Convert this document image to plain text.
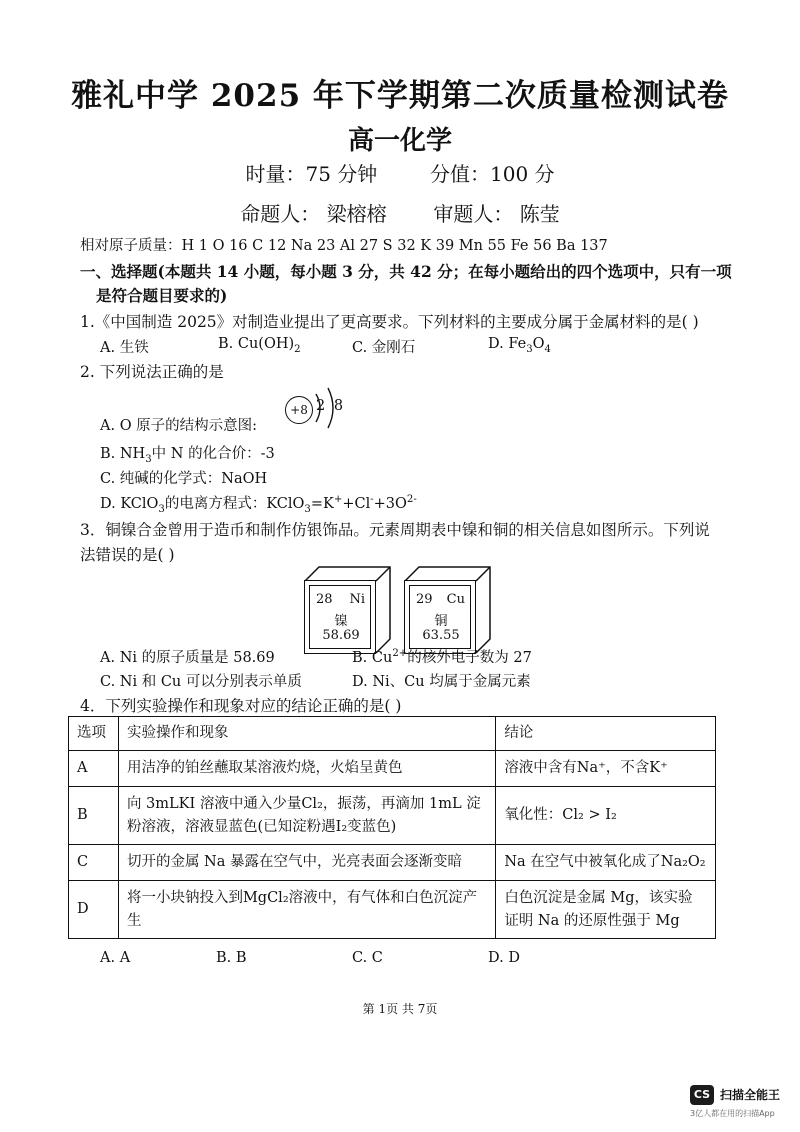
雅礼中学 2025 年下学期第二次质量检测试卷
高一化学
时量：75 分钟	分值：100 分
命题人： 梁榕榕 审题人： 陈莹
相对原子质量：H 1 O 16 C 12 Na 23 Al 27 S 32 K 39 Mn 55 Fe 56 Ba 137
一、选择题(本题共 14 小题，每小题 3 分，共 42 分；在每小题给出的四个选项中，只有一项
是符合题目要求的)
1.《中国制造 2025》对制造业提出了更高要求。下列材料的主要成分属于金属材料的是( )
A. 生铁	B. $Cu(OH)_2$	C. 金刚石	D. $Fe_3O_4$
2. 下列说法正确的是
A. O 原子的结构示意图:
+8 2 8
B. $NH_3$中 N 的化合价：-3
C. 纯碱的化学式：NaOH
D. KClO$_3$的电离方程式：$KClO_3=K^++Cl^-+3O^{2-}$
3．铜镍合金曾用于造币和制作仿银饰品。元素周期表中镍和铜的相关信息如图所示。下列说
法错误的是( )
28 Ni
镍
58.69
29 Cu
铜
63.55
A. Ni 的原子质量是 58.69	B. $Cu^{2+}$的核外电子数为 27
C. Ni 和 Cu 可以分别表示单质	D. Ni、Cu 均属于金属元素
4．下列实验操作和现象对应的结论正确的是( )
选项	实验操作和现象	结论
A	用洁净的铂丝蘸取某溶液灼烧，火焰呈黄色	溶液中含有Na⁺，不含K⁺
B	向 3mLKI 溶液中通入少量Cl₂，振荡，再滴加 1mL 淀粉溶液，溶液显蓝色(已知淀粉遇I₂变蓝色)	氧化性：Cl₂ > I₂
C	切开的金属 Na 暴露在空气中，光亮表面会逐渐变暗	Na 在空气中被氧化成了Na₂O₂
D	将一小块钠投入到MgCl₂溶液中，有气体和白色沉淀产生	白色沉淀是金属 Mg，该实验证明 Na 的还原性强于 Mg
A. A	B. B	C. C	D. D
第 1页 共 7页
CS 扫描全能王
3亿人都在用的扫描App
